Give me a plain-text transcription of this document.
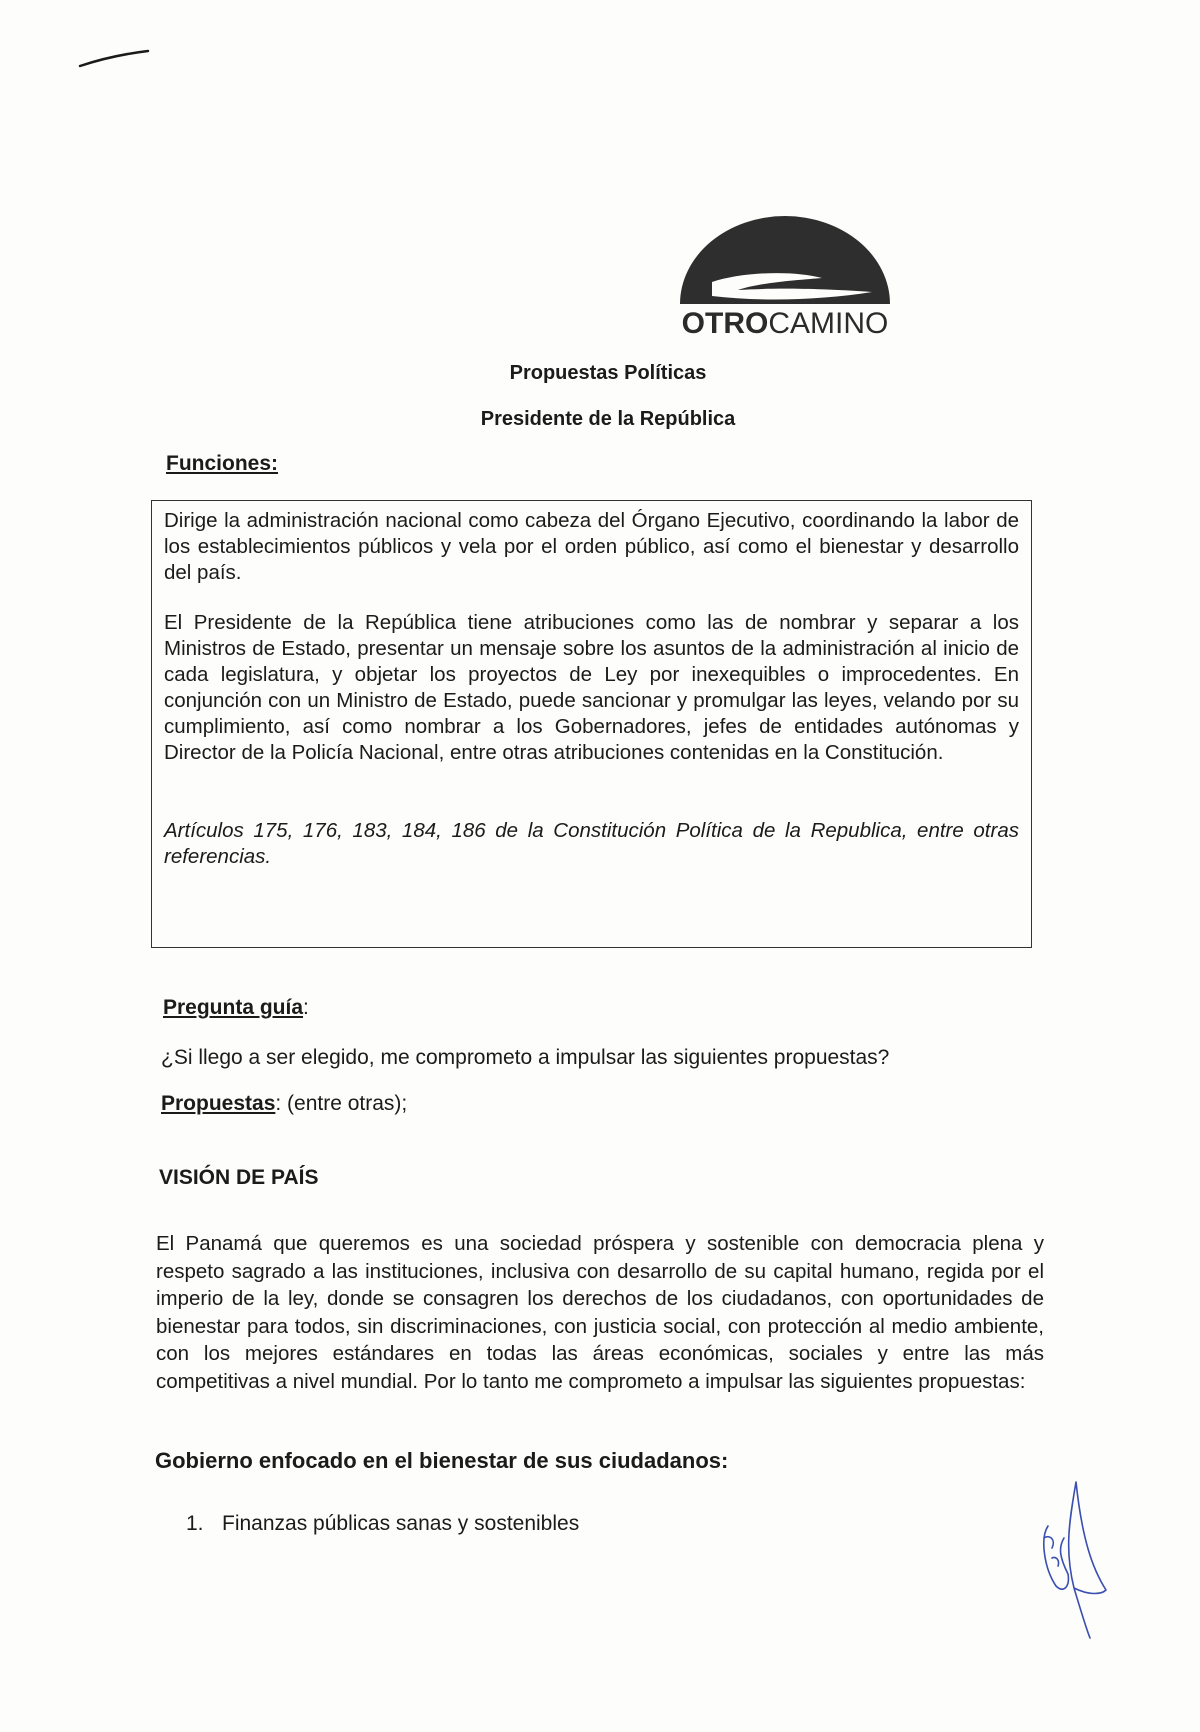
OTROCAMINO
Propuestas Políticas
Presidente de la República
Funciones:

Dirige la administración nacional como cabeza del Órgano Ejecutivo, coordinando la labor de los establecimientos públicos y vela por el orden público, así como el bienestar y desarrollo del país.

El Presidente de la República tiene atribuciones como las de nombrar y separar a los Ministros de Estado, presentar un mensaje sobre los asuntos de la administración al inicio de cada legislatura, y objetar los proyectos de Ley por inexequibles o improcedentes. En conjunción con un Ministro de Estado, puede sancionar y promulgar las leyes, velando por su cumplimiento, así como nombrar a los Gobernadores, jefes de entidades autónomas y Director de la Policía Nacional, entre otras atribuciones contenidas en la Constitución.

Artículos 175, 176, 183, 184, 186 de la Constitución Política de la Republica, entre otras referencias.

Pregunta guía:
¿Si llego a ser elegido, me comprometo a impulsar las siguientes propuestas?
Propuestas: (entre otras);
VISIÓN DE PAÍS

El Panamá que queremos es una sociedad próspera y sostenible con democracia plena y respeto sagrado a las instituciones, inclusiva con desarrollo de su capital humano, regida por el imperio de la ley, donde se consagren los derechos de los ciudadanos, con oportunidades de bienestar para todos, sin discriminaciones, con justicia social, con protección al medio ambiente, con los mejores estándares en todas las áreas económicas, sociales y entre las más competitivas a nivel mundial. Por lo tanto me comprometo a impulsar las siguientes propuestas:

Gobierno enfocado en el bienestar de sus ciudadanos:
1. Finanzas públicas sanas y sostenibles
